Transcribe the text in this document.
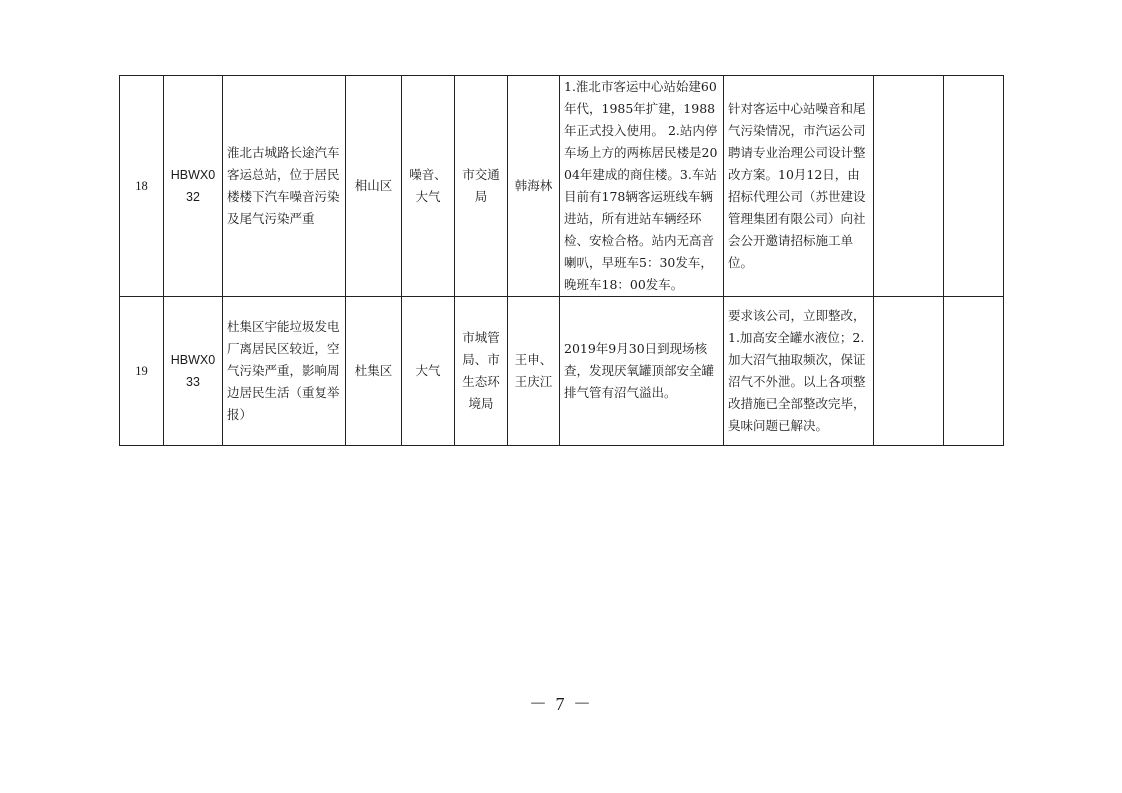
18	HBWX032	淮北古城路长途汽车客运总站，位于居民楼楼下汽车噪音污染及尾气污染严重	相山区	噪音、大气	市交通局	韩海林	1.淮北市客运中心站始建60年代，1985年扩建，1988年正式投入使用。 2.站内停车场上方的两栋居民楼是2004年建成的商住楼。3.车站目前有178辆客运班线车辆进站，所有进站车辆经环检、安检合格。站内无高音喇叭，早班车5：30发车，晚班车18：00发车。	针对客运中心站噪音和尾气污染情况，市汽运公司聘请专业治理公司设计整改方案。10月12日，由招标代理公司（苏世建设管理集团有限公司）向社会公开邀请招标施工单位。		
19	HBWX033	杜集区宇能垃圾发电厂离居民区较近，空气污染严重，影响周边居民生活（重复举报）	杜集区	大气	市城管局、市生态环境局	王申、王庆江	2019年9月30日到现场核查，发现厌氧罐顶部安全罐排气管有沼气溢出。	要求该公司，立即整改，1.加高安全罐水液位；2.加大沼气抽取频次，保证沼气不外泄。以上各项整改措施已全部整改完毕，臭味问题已解决。		
－ 7 －
